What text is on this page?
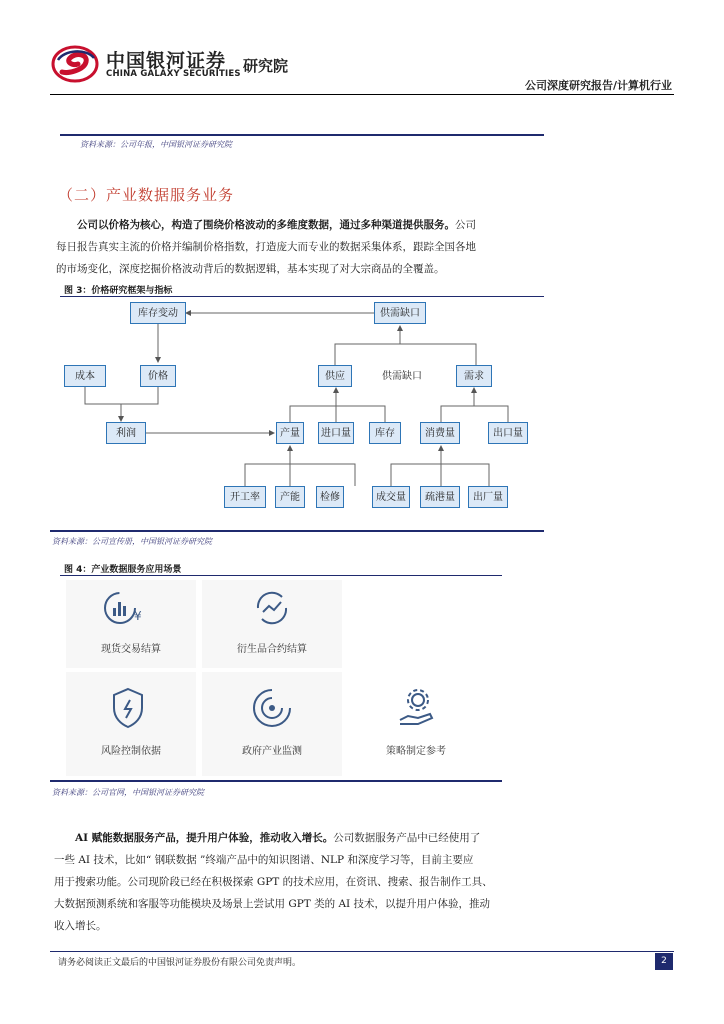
中国银河证券
CHINA GALAXY SECURITIES 研究院
公司深度研究报告/计算机行业
资料来源：公司年报，中国银河证券研究院
（二）产业数据服务业务
公司以价格为核心，构造了围绕价格波动的多维度数据，通过多种渠道提供服务。公司
每日报告真实主流的价格并编制价格指数，打造庞大而专业的数据采集体系，跟踪全国各地
的市场变化，深度挖掘价格波动背后的数据逻辑，基本实现了对大宗商品的全覆盖。
图 3：价格研究框架与指标
库存变动	供需缺口
成本	价格	供应	供需缺口	需求
利润	产量	进口量	库存	消费量	出口量
开工率	产能	检修	成交量	疏港量	出厂量
资料来源：公司宣传册，中国银河证券研究院
图 4：产业数据服务应用场景
¥
现货交易结算	衍生品合约结算
风险控制依据	政府产业监测	策略制定参考
资料来源：公司官网，中国银河证券研究院
AI 赋能数据服务产品，提升用户体验，推动收入增长。公司数据服务产品中已经使用了
一些 AI 技术，比如“ 钢联数据 ”终端产品中的知识图谱、NLP 和深度学习等，目前主要应
用于搜索功能。公司现阶段已经在积极探索 GPT 的技术应用，在资讯、搜索、报告制作工具、
大数据预测系统和客服等功能模块及场景上尝试用 GPT 类的 AI 技术，以提升用户体验，推动
收入增长。
请务必阅读正文最后的中国银河证券股份有限公司免责声明。	2
